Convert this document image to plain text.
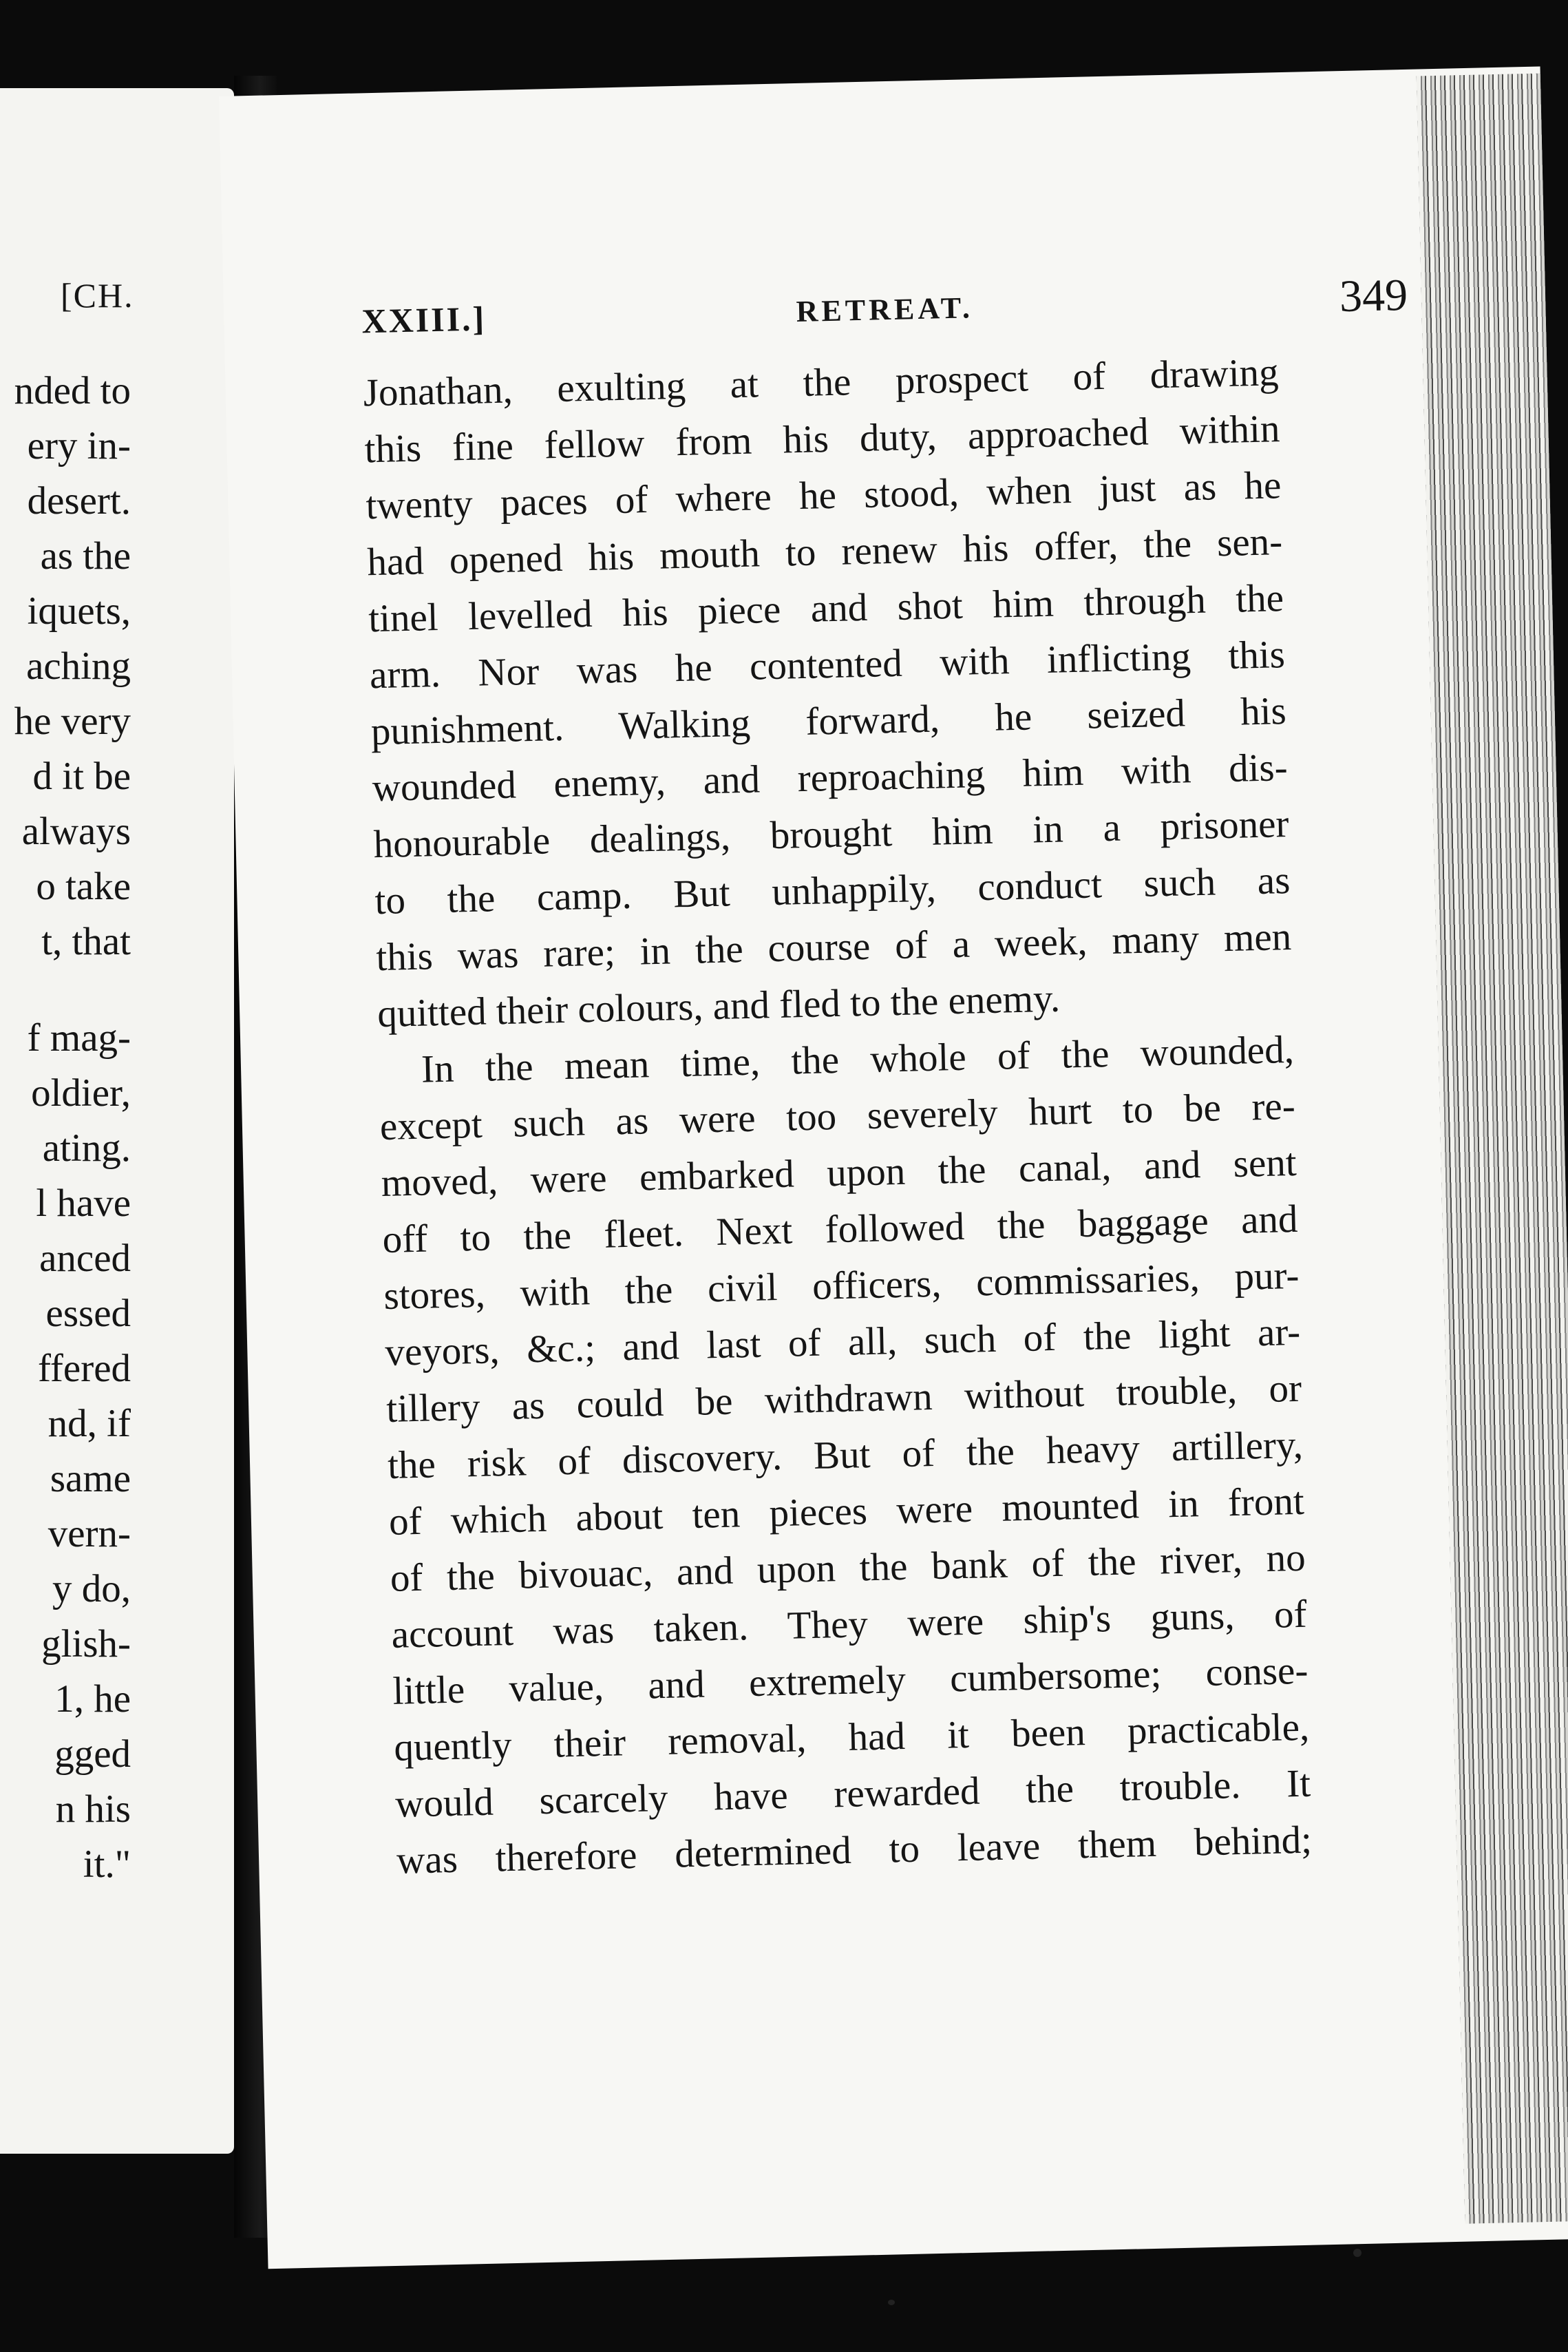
[CH.
nded to
ery in-
desert.
as the
iquets,
aching
he very
d it be
always
o take
t, that
f mag-
oldier,
ating.
l have
anced
essed
ffered
nd, if
same
vern-
y do,
glish-
1, he
gged
n his
it."
XXIII.]	RETREAT.	349
Jonathan, exulting at the prospect of drawing
this fine fellow from his duty, approached within
twenty paces of where he stood, when just as he
had opened his mouth to renew his offer, the sen-
tinel levelled his piece and shot him through the
arm. Nor was he contented with inflicting this
punishment. Walking forward, he seized his
wounded enemy, and reproaching him with dis-
honourable dealings, brought him in a prisoner
to the camp. But unhappily, conduct such as
this was rare; in the course of a week, many men
quitted their colours, and fled to the enemy.
In the mean time, the whole of the wounded,
except such as were too severely hurt to be re-
moved, were embarked upon the canal, and sent
off to the fleet. Next followed the baggage and
stores, with the civil officers, commissaries, pur-
veyors, &c.; and last of all, such of the light ar-
tillery as could be withdrawn without trouble, or
the risk of discovery. But of the heavy artillery,
of which about ten pieces were mounted in front
of the bivouac, and upon the bank of the river, no
account was taken. They were ship's guns, of
little value, and extremely cumbersome; conse-
quently their removal, had it been practicable,
would scarcely have rewarded the trouble. It
was therefore determined to leave them behind;
